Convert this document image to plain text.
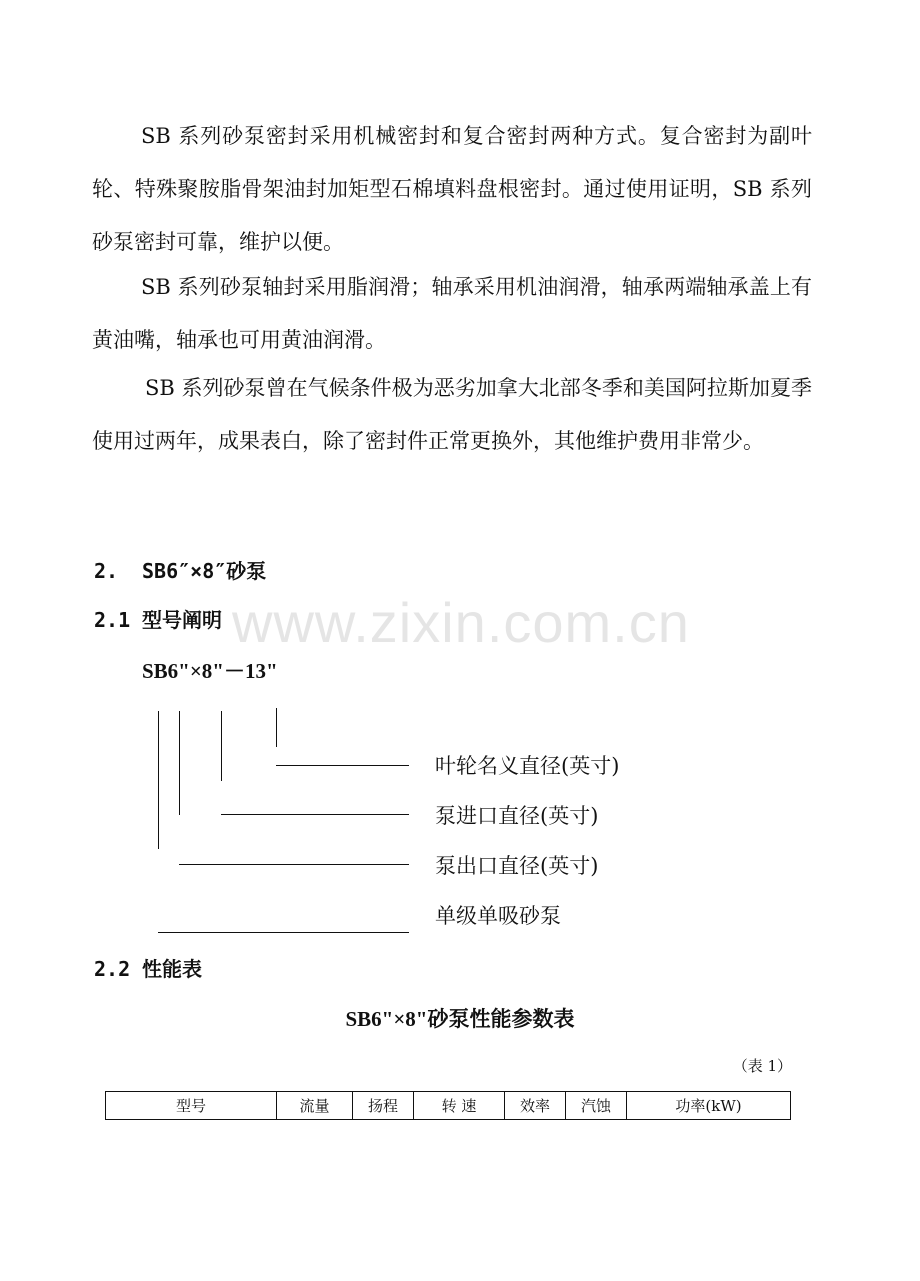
www.zixin.com.cn

SB 系列砂泵密封采用机械密封和复合密封两种方式。复合密封为副叶轮、特殊聚胺脂骨架油封加矩型石棉填料盘根密封。通过使用证明，SB 系列砂泵密封可靠，维护以便。

SB 系列砂泵轴封采用脂润滑；轴承采用机油润滑，轴承两端轴承盖上有黄油嘴，轴承也可用黄油润滑。

SB 系列砂泵曾在气候条件极为恶劣加拿大北部冬季和美国阿拉斯加夏季使用过两年，成果表白，除了密封件正常更换外，其他维护费用非常少。

2. SB6″×8″砂泵
2.1 型号阐明
SB6"×8"－13"
叶轮名义直径(英寸)
泵进口直径(英寸)
泵出口直径(英寸)
单级单吸砂泵
2.2 性能表
SB6"×8"砂泵性能参数表
（表 1）
型号	流量	扬程	转 速	效率	汽蚀	功率(kW)
